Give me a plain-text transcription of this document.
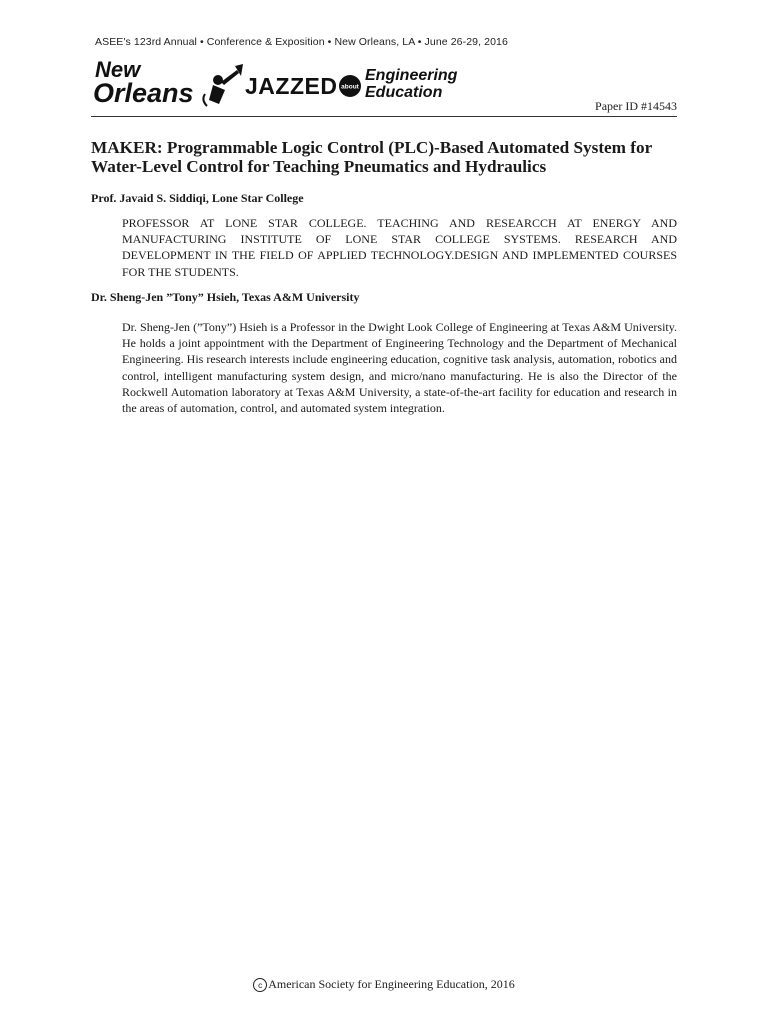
ASEE's 123rd Annual • Conference & Exposition • New Orleans, LA • June 26-29, 2016
New
Orleans JAZZED about
Engineering
Education
Paper ID #14543
MAKER: Programmable Logic Control (PLC)-Based Automated System for Water-Level Control for Teaching Pneumatics and Hydraulics
Prof. Javaid S. Siddiqi, Lone Star College

PROFESSOR AT LONE STAR COLLEGE. TEACHING AND RESEARCCH AT ENERGY AND MANUFACTURING INSTITUTE OF LONE STAR COLLEGE SYSTEMS. RESEARCH AND DEVELOPMENT IN THE FIELD OF APPLIED TECHNOLOGY.DESIGN AND IMPLEMENTED COURSES FOR THE STUDENTS.

Dr. Sheng-Jen ”Tony” Hsieh, Texas A&M University

Dr. Sheng-Jen (”Tony”) Hsieh is a Professor in the Dwight Look College of Engineering at Texas A&M University. He holds a joint appointment with the Department of Engineering Technology and the Department of Mechanical Engineering. His research interests include engineering education, cognitive task analysis, automation, robotics and control, intelligent manufacturing system design, and micro/nano manufacturing. He is also the Director of the Rockwell Automation laboratory at Texas A&M University, a state-of-the-art facility for education and research in the areas of automation, control, and automated system integration.

c American Society for Engineering Education, 2016
